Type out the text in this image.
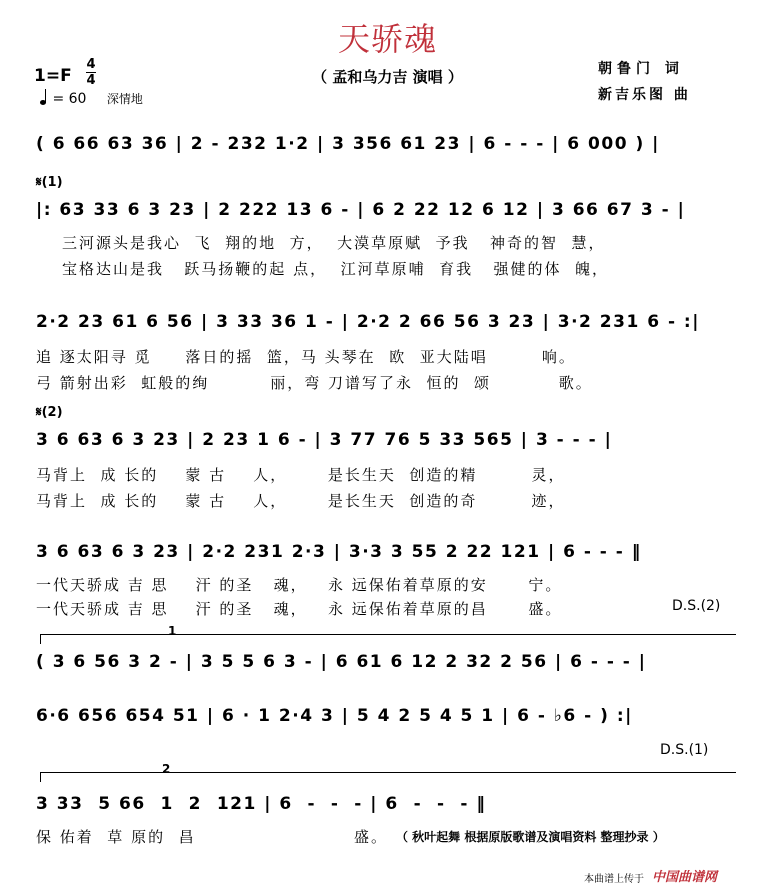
天骄魂
（ 孟和乌力吉 演唱 ）
1=F
4
4
= 60 深情地
朝鲁门 词
新吉乐图 曲
( 6 66 63 36 | 2 - 232 1·2 | 3 356 61 23 | 6 - - - | 6 000 ) |
𝄋(1)
|: 63 33 6 3 23 | 2 222 13 6 - | 6 2 22 12 6 12 | 3 66 67 3 - |
三河源头是我心  飞  翔的地  方，  大漠草原赋  予我   神奇的智  慧，
宝格达山是我   跃马扬鞭的起 点，  江河草原哺  育我   强健的体  魄，
2·2 23 61 6 56 | 3 33 36 1 - | 2·2 2 66 56 3 23 | 3·2 231 6 - :|
追 逐太阳寻 觅     落日的摇  篮，马 头琴在  欧  亚大陆唱        响。
弓 箭射出彩  虹般的绚         丽，弯 刀谱写了永  恒的  颂          歌。
𝄋(2)
3 6 63 6 3 23 | 2 23 1 6 - | 3 77 76 5 33 565 | 3 - - - |
马背上  成 长的    蒙 古    人，      是长生天  创造的精        灵，
马背上  成 长的    蒙 古    人，      是长生天  创造的奇        迹，
3 6 63 6 3 23 | 2·2 231 2·3 | 3·3 3 55 2 22 121 | 6 - - - ‖
一代天骄成 吉 思    汗 的圣   魂，   永 远保佑着草原的安      宁。
一代天骄成 吉 思    汗 的圣   魂，   永 远保佑着草原的昌      盛。	D.S.(2)
1
( 3 6 56 3 2 - | 3 5 5 6 3 - | 6 61 6 12 2 32 2 56 | 6 - - - |
6·6 656 654 51 | 6 · 1 2·4 3 | 5 4 2 5 4 5 1 | 6 - ♭6 - ) :|
D.S.(1)
2
3 33  5 66  1  2  121 | 6  -  -  - | 6  -  -  - ‖
保 佑着  草 原的  昌	盛。 （ 秋叶起舞 根据原版歌谱及演唱资料 整理抄录 ）
本曲谱上传于 中国曲谱网
